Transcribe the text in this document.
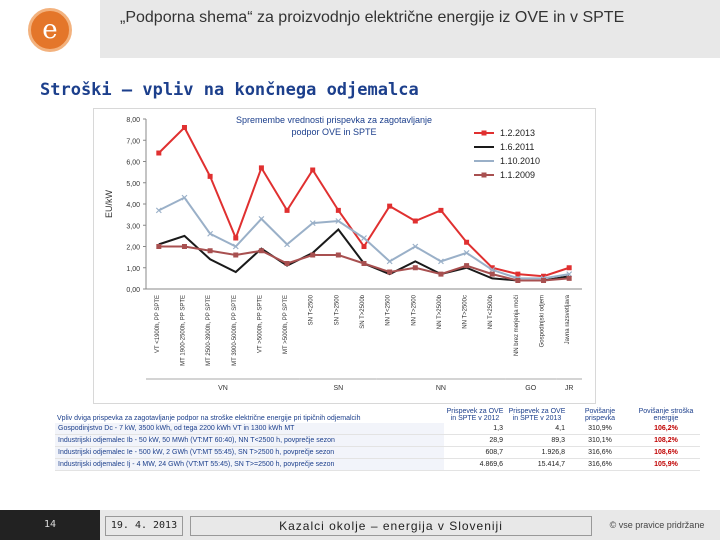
„Podporna shema“ za proizvodnjo električne energije iz OVE in v SPTE
e
Stroški – vpliv na končnega odjemalca
0,00
1,00
2,00
3,00
4,00
5,00
6,00
7,00
8,00
EU/kW
Spremembe vrednosti prispevka za zagotavljanje
podpor OVE in SPTE
VT <1900h, PP SPTE	MT 1900-2500h, PP SPTE	MT 2500-3900h, PP SPTE	MT 3900-5000h, PP SPTE	VT >5000h, PP SPTE	MT >5000h, PP SPTE	SN T<2500	SN T>2500	SN T>2500b	NN T<2500	NN T>2500	NN T>2500b	NN T>2500c	NN T<2500b	NN brez merjenja moči	Gospodinjski odjem	Javna razsvetljava
VN	SN	NN	GO	JR
1.2.2013
1.6.2011
1.10.2010
1.1.2009
Vpliv dviga prispevka za zagotavljanje podpor na stroške električne energije pri tipičnih odjemalcih	Prispevek za OVE in SPTE v 2012	Prispevek za OVE in SPTE v 2013	Povišanje prispevka	Povišanje stroška energije
Gospodinjstvo Dc - 7 kW, 3500 kWh, od tega 2200 kWh VT in 1300 kWh MT	1,3	4,1	310,9%	106,2%
Industrijski odjemalec Ib - 50 kW, 50 MWh (VT:MT 60:40), NN T<2500 h, povprečje sezon	28,9	89,3	310,1%	108,2%
Industrijski odjemalec Ie - 500 kW, 2 GWh (VT:MT 55:45), SN T>2500 h, povprečje sezon	608,7	1.926,8	316,6%	108,6%
Industrijski odjemalec Ij - 4 MW, 24 GWh (VT:MT 55:45), SN T>=2500 h, povprečje sezon	4.869,6	15.414,7	316,6%	105,9%
14	19. 4. 2013	Kazalci okolje – energija v Sloveniji	© vse pravice pridržane
